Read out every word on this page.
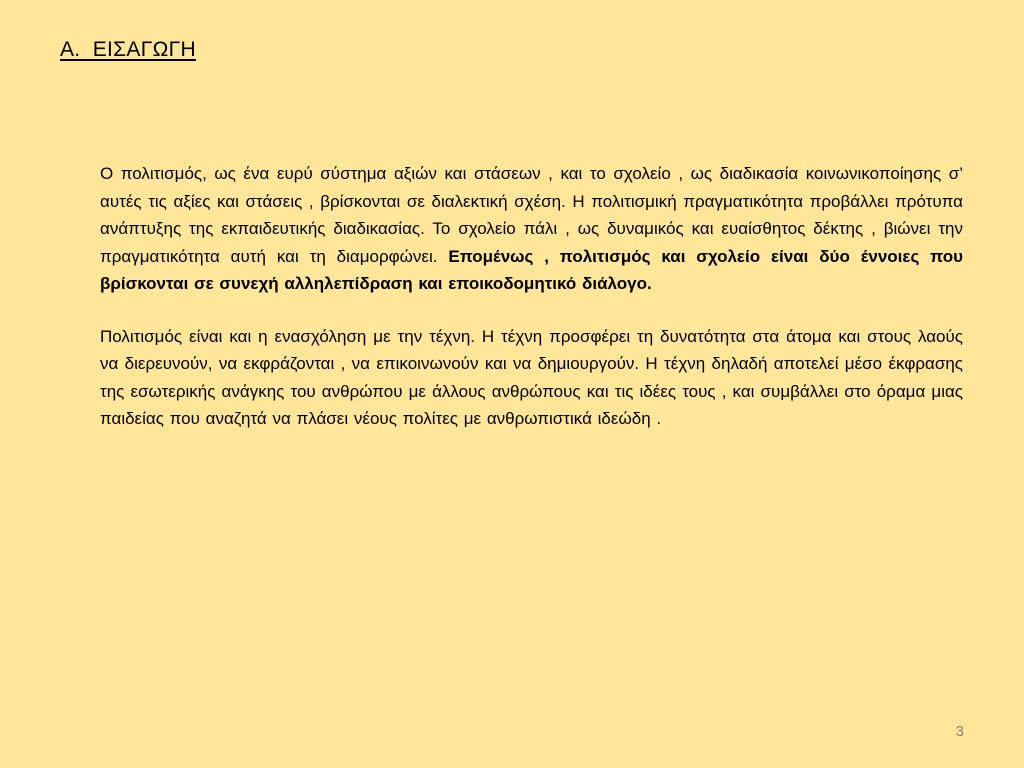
Α.  ΕΙΣΑΓΩΓΗ

Ο πολιτισμός, ως ένα ευρύ σύστημα αξιών και στάσεων , και το σχολείο , ως διαδικασία κοινωνικοποίησης σ’ αυτές τις αξίες και στάσεις , βρίσκονται σε διαλεκτική σχέση. Η πολιτισμική πραγματικότητα προβάλλει πρότυπα ανάπτυξης της εκπαιδευτικής διαδικασίας. Το σχολείο πάλι , ως δυναμικός και ευαίσθητος δέκτης , βιώνει την πραγματικότητα αυτή και τη διαμορφώνει. Επομένως , πολιτισμός και σχολείο είναι δύο έννοιες που βρίσκονται σε συνεχή αλληλεπίδραση και εποικοδομητικό διάλογο.

Πολιτισμός είναι και η ενασχόληση με την τέχνη. Η τέχνη προσφέρει τη δυνατότητα στα άτομα και στους λαούς να διερευνούν, να εκφράζονται , να επικοινωνούν και να δημιουργούν. Η τέχνη δηλαδή αποτελεί μέσο έκφρασης της εσωτερικής ανάγκης του ανθρώπου με άλλους ανθρώπους και τις ιδέες τους , και συμβάλλει στο όραμα μιας παιδείας που αναζητά να πλάσει νέους πολίτες με ανθρωπιστικά ιδεώδη .

3
